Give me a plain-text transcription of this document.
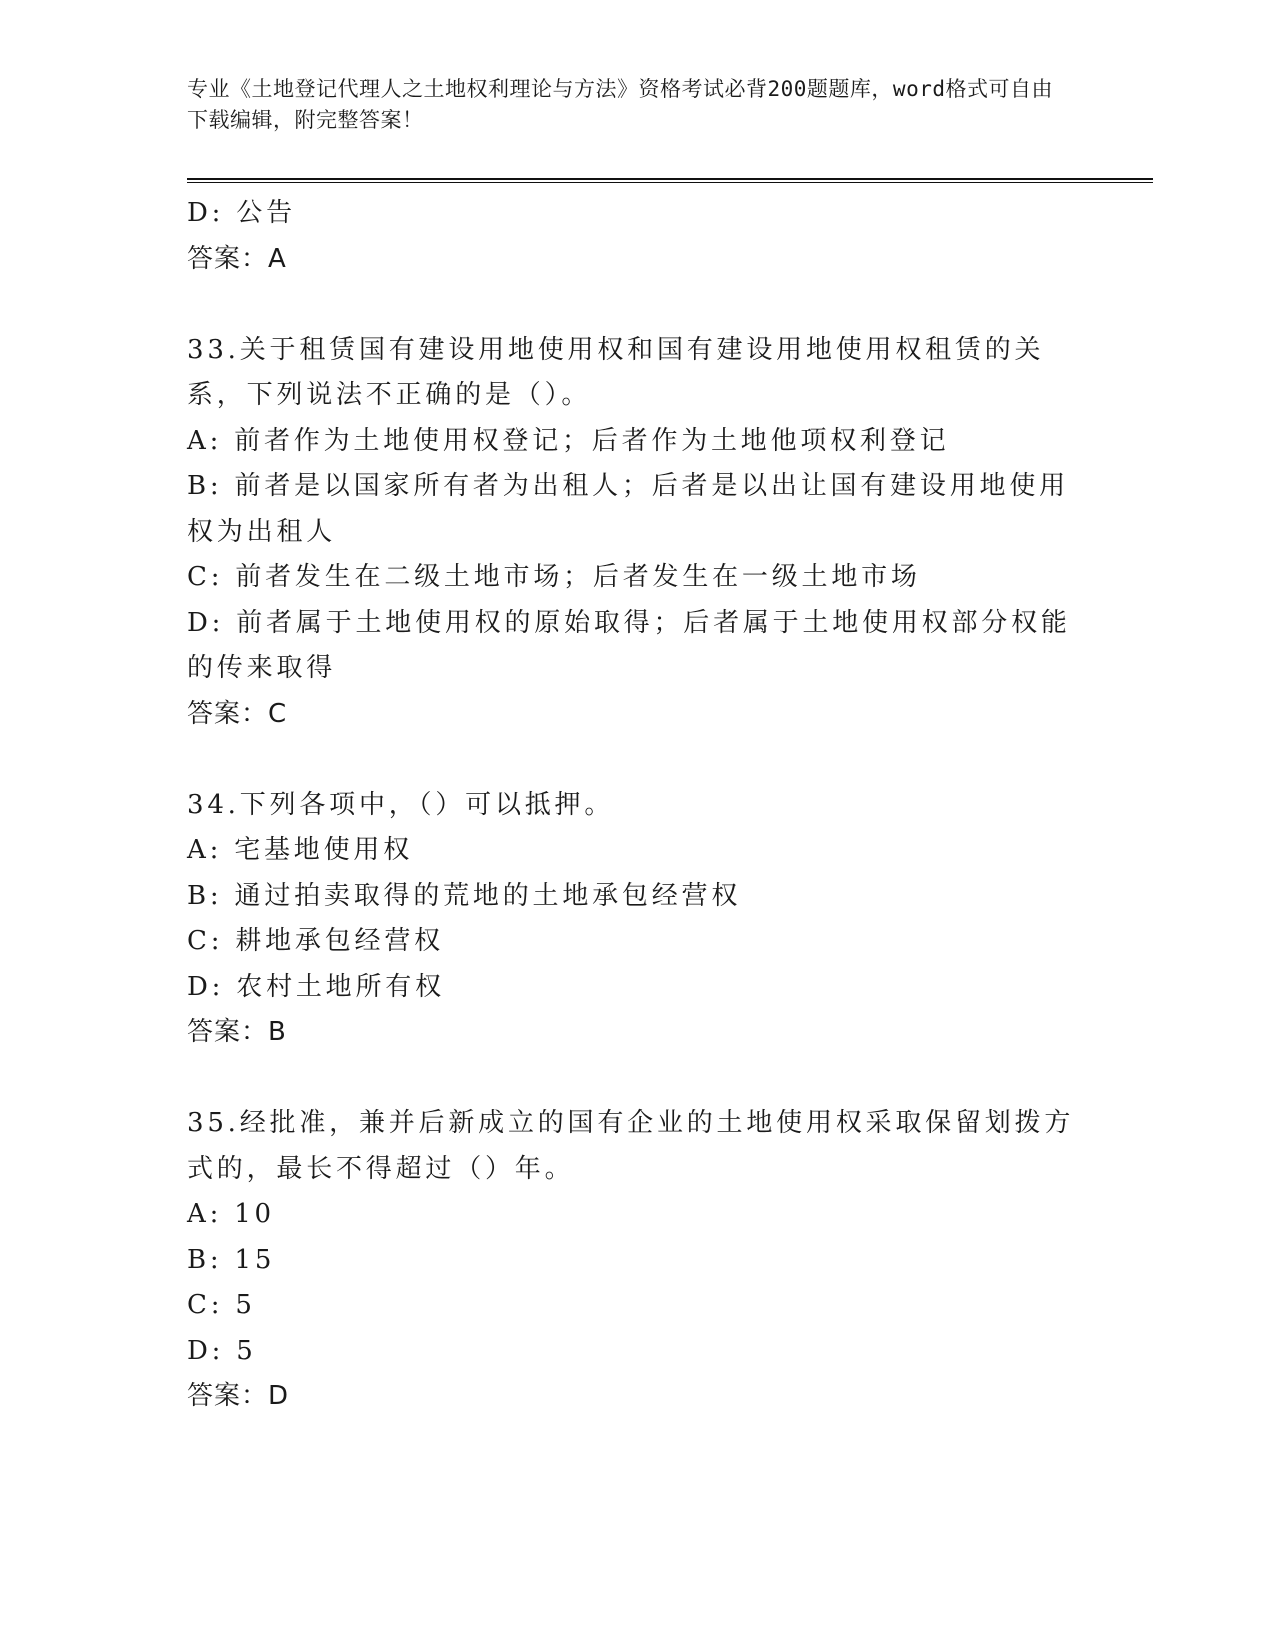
专业《土地登记代理人之土地权利理论与方法》资格考试必背200题题库，word格式可自由下载编辑，附完整答案！

D: 公告

答案：A

33.关于租赁国有建设用地使用权和国有建设用地使用权租赁的关系，下列说法不正确的是（）。

A: 前者作为土地使用权登记；后者作为土地他项权利登记

B: 前者是以国家所有者为出租人；后者是以出让国有建设用地使用权为出租人

C: 前者发生在二级土地市场；后者发生在一级土地市场

D: 前者属于土地使用权的原始取得；后者属于土地使用权部分权能的传来取得

答案：C

34.下列各项中，（）可以抵押。

A: 宅基地使用权

B: 通过拍卖取得的荒地的土地承包经营权

C: 耕地承包经营权

D: 农村土地所有权

答案：B

35.经批准，兼并后新成立的国有企业的土地使用权采取保留划拨方式的，最长不得超过（）年。

A: 10

B: 15

C: 5

D: 5

答案：D
